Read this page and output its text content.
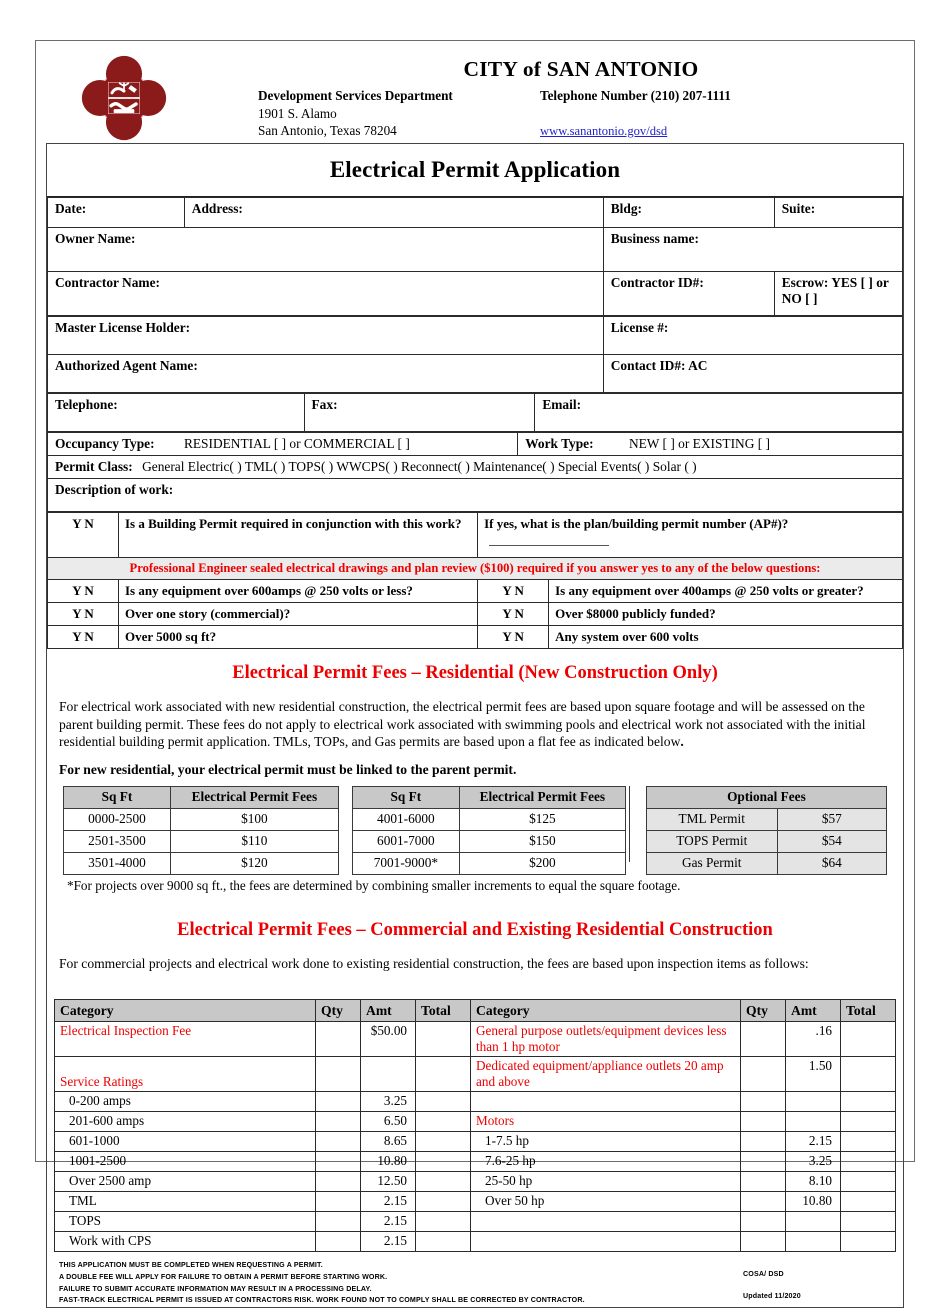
CITY of SAN ANTONIO
Development Services Department	Telephone Number (210) 207-1111
1901 S. Alamo

San Antonio, Texas 78204	www.sanantonio.gov/dsd
Electrical Permit Application
Date:	Address:	Bldg:	Suite:
Owner Name:		Business name:	
Contractor Name:		Contractor ID#:	Escrow: YES [ ] or NO [ ]
Master License Holder:	License #:
Authorized Agent Name:	Contact ID#: AC
Telephone:	Fax:	Email:
Occupancy Type: RESIDENTIAL [ ] or COMMERCIAL [ ]	Work Type:	NEW [ ] or EXISTING [ ]
Permit Class: General Electric( ) TML( ) TOPS( ) WWCPS( ) Reconnect( ) Maintenance( ) Special Events( ) Solar ( )
Description of work:
Y N	Is a Building Permit required in conjunction with this work?	If yes, what is the plan/building permit number (AP#)?	
Professional Engineer sealed electrical drawings and plan review ($100) required if you answer yes to any of the below questions:			
Y N	Is any equipment over 600amps @ 250 volts or less?	Y N	Is any equipment over 400amps @ 250 volts or greater?
Y N	Over one story (commercial)?	Y N	Over $8000 publicly funded?
Y N	Over 5000 sq ft?	Y N	Any system over 600 volts
Electrical Permit Fees – Residential (New Construction Only)
For electrical work associated with new residential construction, the electrical permit fees are based upon square footage and will be assessed on the parent building permit. These fees do not apply to electrical work associated with swimming pools and electrical work not associated with the initial residential building permit application. TMLs, TOPs, and Gas permits are based upon a flat fee as indicated below.
For new residential, your electrical permit must be linked to the parent permit.
Sq Ft	Electrical Permit Fees
0000-2500	$100
2501-3500	$110
3501-4000	$120
Sq Ft	Electrical Permit Fees
4001-6000	$125
6001-7000	$150
7001-9000*	$200
Optional Fees	
TML Permit	$57
TOPS Permit	$54
Gas Permit	$64
*For projects over 9000 sq ft., the fees are determined by combining smaller increments to equal the square footage.
Electrical Permit Fees – Commercial and Existing Residential Construction
For commercial projects and electrical work done to existing residential construction, the fees are based upon inspection items as follows:
Category	Qty	Amt	Total	Category	Qty	Amt	Total
Electrical Inspection Fee		$50.00		General purpose outlets/equipment devices less than 1 hp motor		.16	
Service Ratings				Dedicated equipment/appliance outlets 20 amp and above		1.50	
0-200 amps		3.25					
201-600 amps		6.50		Motors			
601-1000		8.65		1-7.5 hp		2.15	
1001-2500		10.80		7.6-25 hp		3.25	
Over 2500 amp		12.50		25-50 hp		8.10	
TML		2.15		Over 50 hp		10.80	
TOPS		2.15					
Work with CPS		2.15					
THIS APPLICATION MUST BE COMPLETED WHEN REQUESTING A PERMIT.
A DOUBLE FEE WILL APPLY FOR FAILURE TO OBTAIN A PERMIT BEFORE STARTING WORK.
FAILURE TO SUBMIT ACCURATE INFORMATION MAY RESULT IN A PROCESSING DELAY.
FAST-TRACK ELECTRICAL PERMIT IS ISSUED AT CONTRACTORS RISK. WORK FOUND NOT TO COMPLY SHALL BE CORRECTED BY CONTRACTOR.
COSA/ DSD
Updated 11/2020
